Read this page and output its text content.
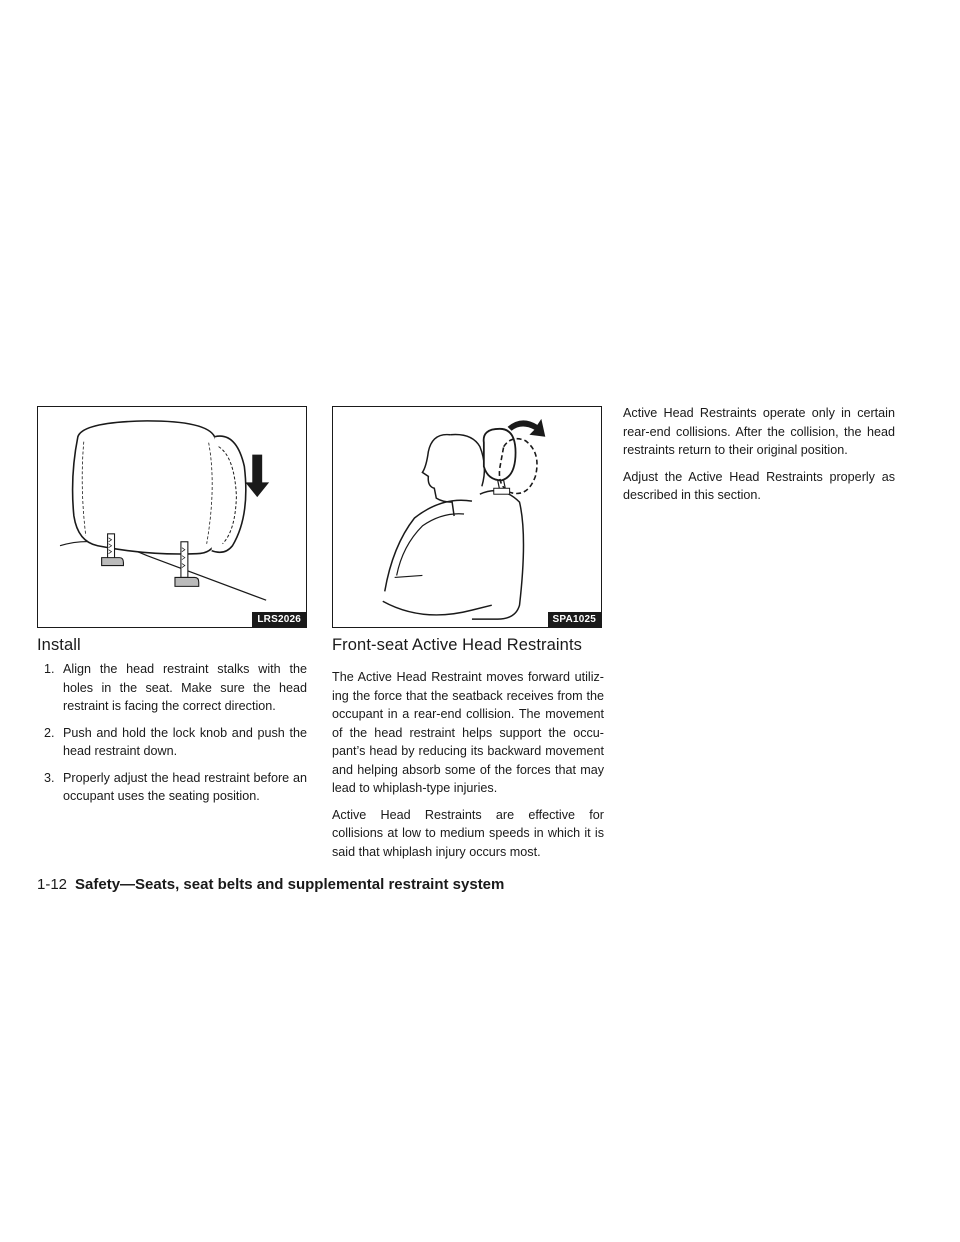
LRS2026	SPA1025
Install
1. Align the head restraint stalks with the holes in the seat. Make sure the head restraint is facing the correct direction.
2. Push and hold the lock knob and push the head restraint down.
3. Properly adjust the head restraint before an occupant uses the seating position.
Front-seat Active Head Restraints

The Active Head Restraint moves forward utiliz-ing the force that the seatback receives from the occupant in a rear-end collision. The movement of the head restraint helps support the occu-pant’s head by reducing its backward movement and helping absorb some of the forces that may lead to whiplash-type injuries.

Active Head Restraints are effective for collisions at low to medium speeds in which it is said that whiplash injury occurs most.

Active Head Restraints operate only in certain rear-end collisions. After the collision, the head restraints return to their original position.

Adjust the Active Head Restraints properly as described in this section.

1-12 Safety—Seats, seat belts and supplemental restraint system
